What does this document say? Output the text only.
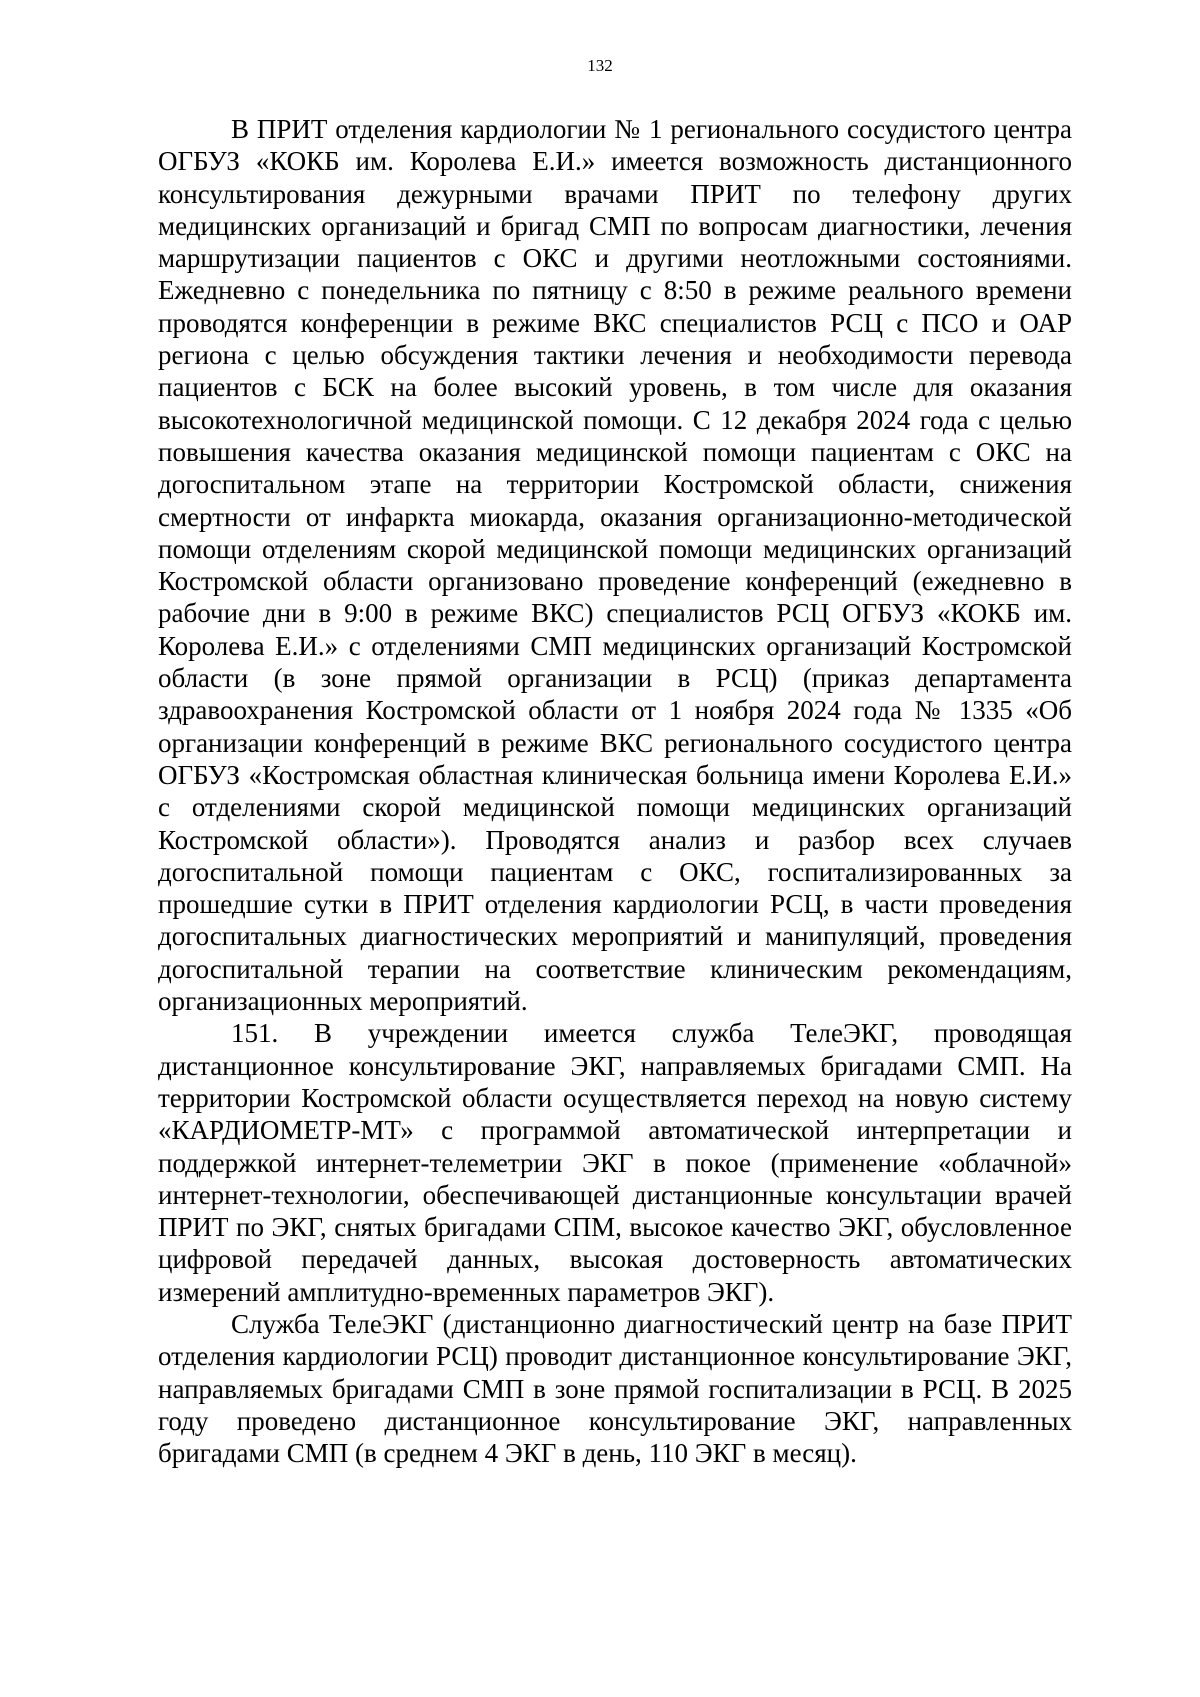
132

В ПРИТ отделения кардиологии № 1 регионального сосудистого центра ОГБУЗ «КОКБ им. Королева Е.И.» имеется возможность дистанционного консультирования дежурными врачами ПРИТ по телефону других медицинских организаций и бригад СМП по вопросам диагностики, лечения маршрутизации пациентов с ОКС и другими неотложными состояниями. Ежедневно с понедельника по пятницу с 8:50 в режиме реального времени проводятся конференции в режиме ВКС специалистов РСЦ с ПСО и ОАР региона с целью обсуждения тактики лечения и необходимости перевода пациентов с БСК на более высокий уровень, в том числе для оказания высокотехнологичной медицинской помощи. С 12 декабря 2024 года с целью повышения качества оказания медицинской помощи пациентам с ОКС на догоспитальном этапе на территории Костромской области, снижения смертности от инфаркта миокарда, оказания организационно-методической помощи отделениям скорой медицинской помощи медицинских организаций Костромской области организовано проведение конференций (ежедневно в рабочие дни в 9:00 в режиме ВКС) специалистов РСЦ ОГБУЗ «КОКБ им. Королева Е.И.» с отделениями СМП медицинских организаций Костромской области (в зоне прямой организации в РСЦ) (приказ департамента здравоохранения Костромской области от 1 ноября 2024 года № 1335 «Об организации конференций в режиме ВКС регионального сосудистого центра ОГБУЗ «Костромская областная клиническая больница имени Королева Е.И.» с отделениями скорой медицинской помощи медицинских организаций Костромской области»). Проводятся анализ и разбор всех случаев догоспитальной помощи пациентам с ОКС, госпитализированных за прошедшие сутки в ПРИТ отделения кардиологии РСЦ, в части проведения догоспитальных диагностических мероприятий и манипуляций, проведения догоспитальной терапии на соответствие клиническим рекомендациям, организационных мероприятий.

151. В учреждении имеется служба ТелеЭКГ, проводящая дистанционное консультирование ЭКГ, направляемых бригадами СМП. На территории Костромской области осуществляется переход на новую систему «КАРДИОМЕТР-МТ» с программой автоматической интерпретации и поддержкой интернет-телеметрии ЭКГ в покое (применение «облачной» интернет-технологии, обеспечивающей дистанционные консультации врачей ПРИТ по ЭКГ, снятых бригадами СПМ, высокое качество ЭКГ, обусловленное цифровой передачей данных, высокая достоверность автоматических измерений амплитудно-временных параметров ЭКГ).

Служба ТелеЭКГ (дистанционно диагностический центр на базе ПРИТ отделения кардиологии РСЦ) проводит дистанционное консультирование ЭКГ, направляемых бригадами СМП в зоне прямой госпитализации в РСЦ. В 2025 году проведено дистанционное консультирование ЭКГ, направленных бригадами СМП (в среднем 4 ЭКГ в день, 110 ЭКГ в месяц).
